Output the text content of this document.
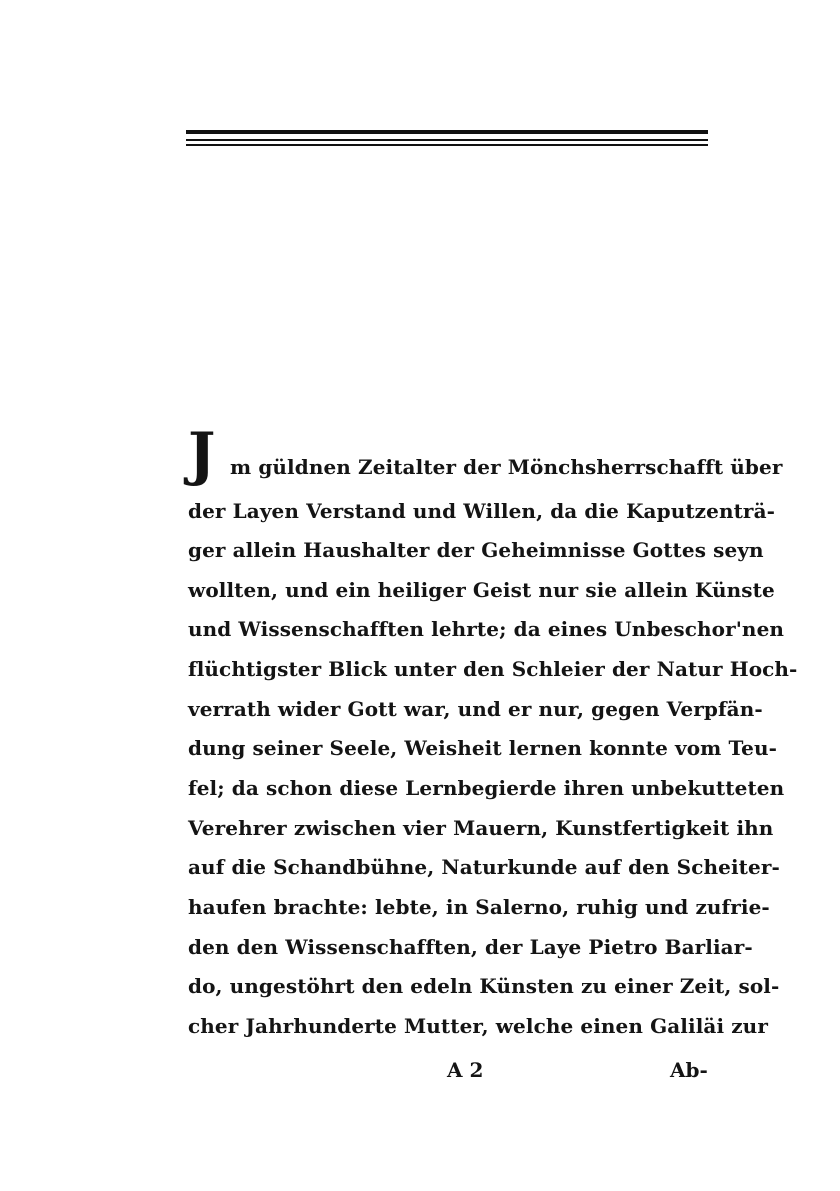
J m güldnen Zeitalter der Mönchsherrschafft über
der Layen Verstand und Willen, da die Kaputzenträ-
ger allein Haushalter der Geheimnisse Gottes seyn
wollten, und ein heiliger Geist nur sie allein Künste
und Wissenschafften lehrte; da eines Unbeschor'nen
flüchtigster Blick unter den Schleier der Natur Hoch-
verrath wider Gott war, und er nur, gegen Verpfän-
dung seiner Seele, Weisheit lernen konnte vom Teu-
fel; da schon diese Lernbegierde ihren unbekutteten
Verehrer zwischen vier Mauern, Kunstfertigkeit ihn
auf die Schandbühne, Naturkunde auf den Scheiter-
haufen brachte: lebte, in Salerno, ruhig und zufrie-
den den Wissenschafften, der Laye Pietro Barliar-
do, ungestöhrt den edeln Künsten zu einer Zeit, sol-
cher Jahrhunderte Mutter, welche einen Galiläi zur
A 2	Ab-
